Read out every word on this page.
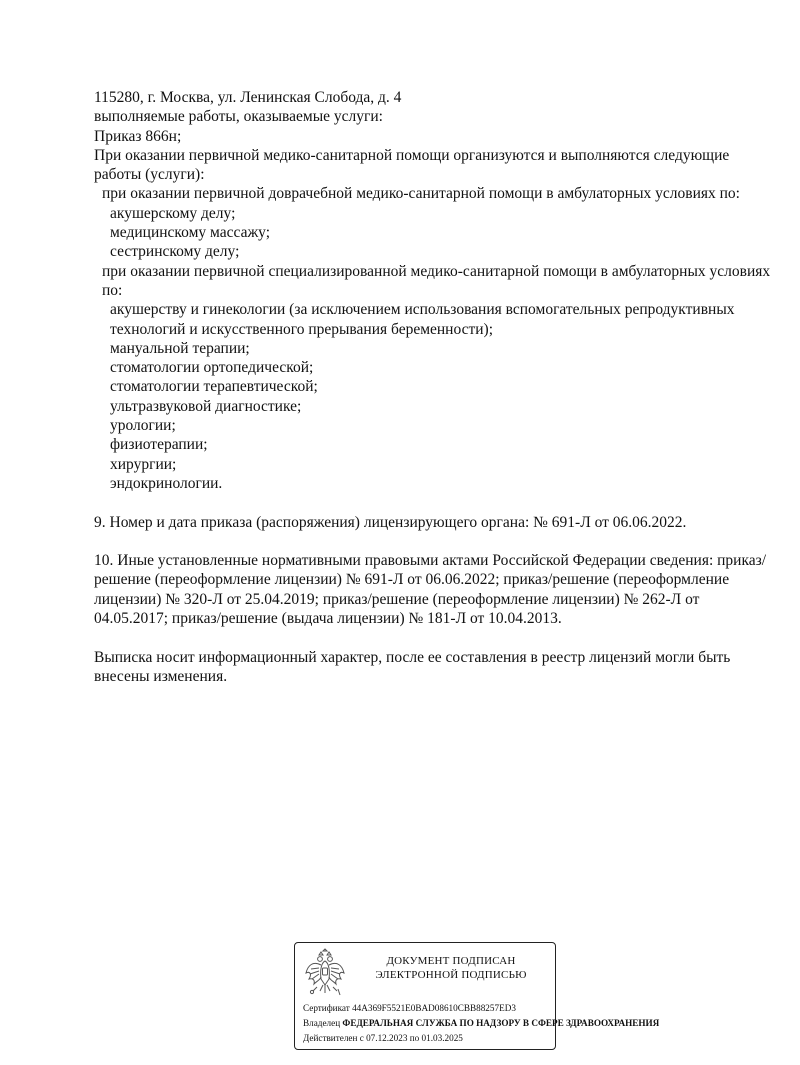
115280, г. Москва, ул. Ленинская Слобода, д. 4
выполняемые работы, оказываемые услуги:
Приказ 866н;
При оказании первичной медико-санитарной помощи организуются и выполняются следующие работы (услуги):
при оказании первичной доврачебной медико-санитарной помощи в амбулаторных условиях по:
акушерскому делу;
медицинскому массажу;
сестринскому делу;
при оказании первичной специализированной медико-санитарной помощи в амбулаторных условиях по:
акушерству и гинекологии (за исключением использования вспомогательных репродуктивных технологий и искусственного прерывания беременности);
мануальной терапии;
стоматологии ортопедической;
стоматологии терапевтической;
ультразвуковой диагностике;
урологии;
физиотерапии;
хирургии;
эндокринологии.
9. Номер и дата приказа (распоряжения) лицензирующего органа: № 691-Л от 06.06.2022.
10. Иные установленные нормативными правовыми актами Российской Федерации сведения: приказ/решение (переоформление лицензии) № 691-Л от 06.06.2022; приказ/решение (переоформление лицензии) № 320-Л от 25.04.2019; приказ/решение (переоформление лицензии) № 262-Л от 04.05.2017; приказ/решение (выдача лицензии) № 181-Л от 10.04.2013.
Выписка носит информационный характер, после ее составления в реестр лицензий могли быть внесены изменения.
ДОКУМЕНТ ПОДПИСАН
ЭЛЕКТРОННОЙ ПОДПИСЬЮ
Сертификат 44A369F5521E0BAD08610CBB88257ED3
Владелец ФЕДЕРАЛЬНАЯ СЛУЖБА ПО НАДЗОРУ В СФЕРЕ ЗДРАВООХРАНЕНИЯ
Действителен с 07.12.2023 по 01.03.2025
